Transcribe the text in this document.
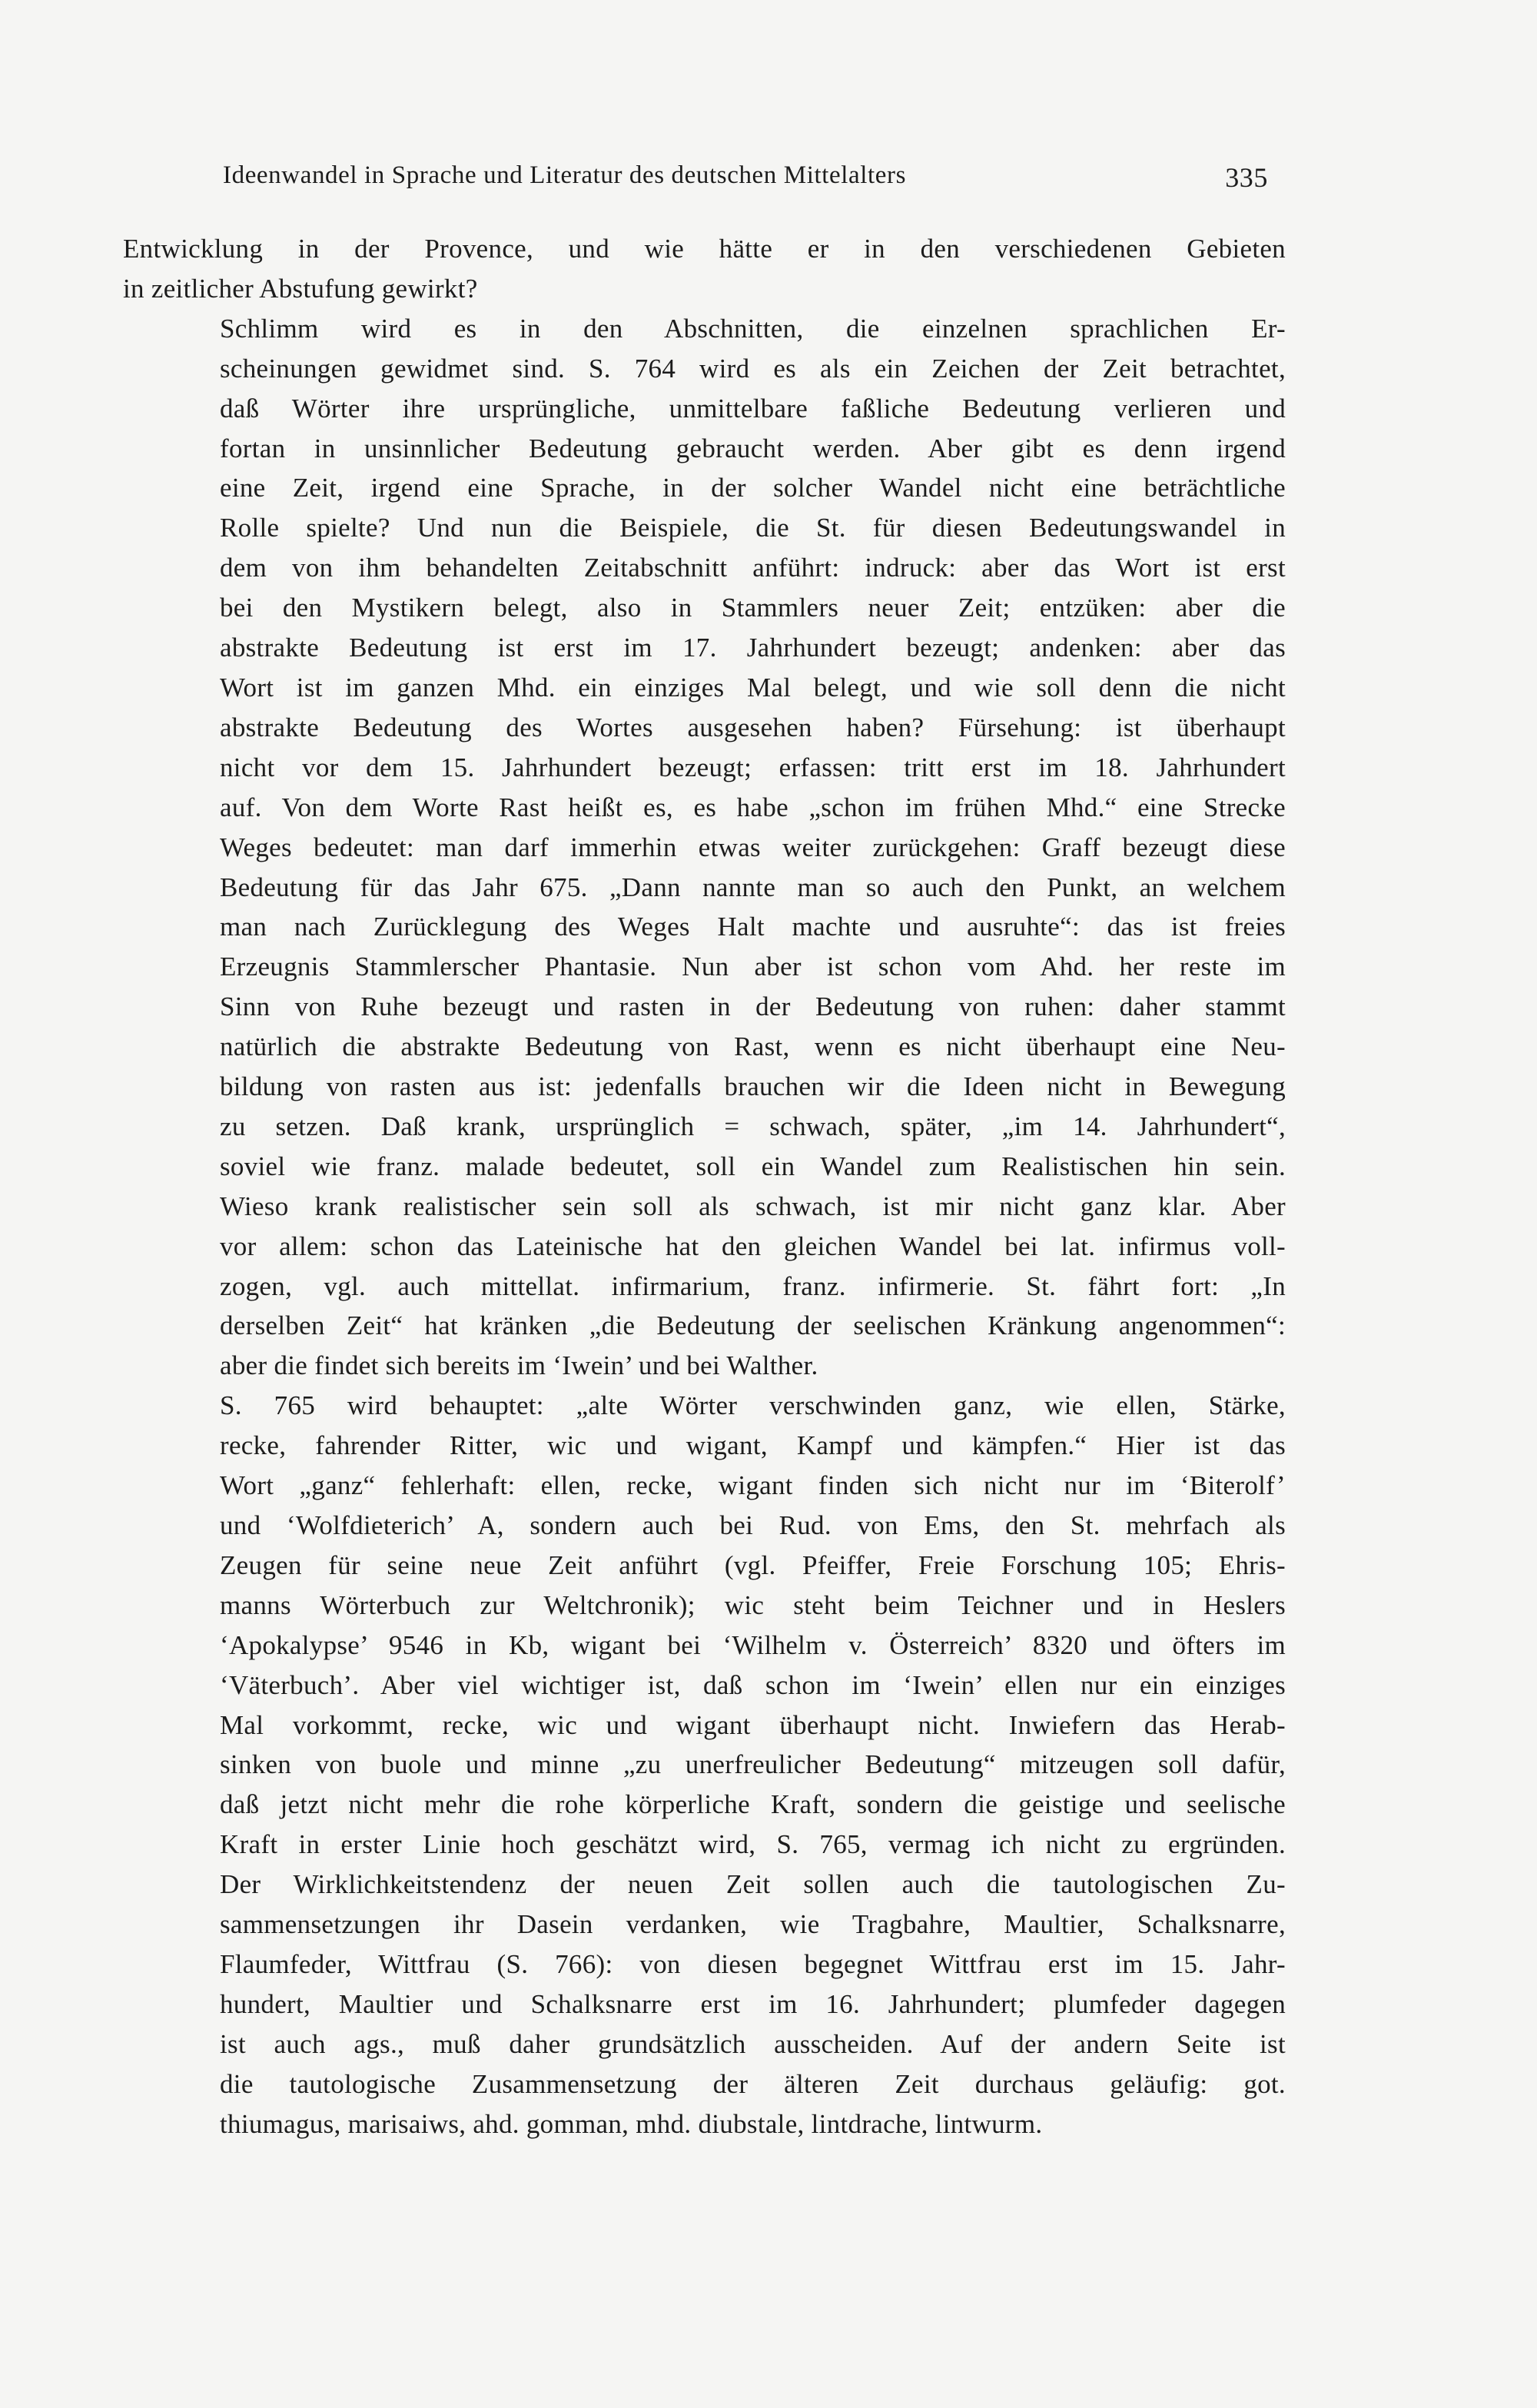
Ideenwandel in Sprache und Literatur des deutschen Mittelalters	335

Entwicklung in der Provence, und wie hätte er in den verschiedenen Gebieten
in zeitlicher Abstufung gewirkt?

Schlimm wird es in den Abschnitten, die einzelnen sprachlichen Er-
scheinungen gewidmet sind. S. 764 wird es als ein Zeichen der Zeit betrachtet,
daß Wörter ihre ursprüngliche, unmittelbare faßliche Bedeutung verlieren und
fortan in unsinnlicher Bedeutung gebraucht werden. Aber gibt es denn irgend
eine Zeit, irgend eine Sprache, in der solcher Wandel nicht eine beträchtliche
Rolle spielte? Und nun die Beispiele, die St. für diesen Bedeutungswandel in
dem von ihm behandelten Zeitabschnitt anführt: indruck: aber das Wort ist erst
bei den Mystikern belegt, also in Stammlers neuer Zeit; entzüken: aber die
abstrakte Bedeutung ist erst im 17. Jahrhundert bezeugt; andenken: aber das
Wort ist im ganzen Mhd. ein einziges Mal belegt, und wie soll denn die nicht
abstrakte Bedeutung des Wortes ausgesehen haben? Fürsehung: ist überhaupt
nicht vor dem 15. Jahrhundert bezeugt; erfassen: tritt erst im 18. Jahrhundert
auf. Von dem Worte Rast heißt es, es habe „schon im frühen Mhd.“ eine Strecke
Weges bedeutet: man darf immerhin etwas weiter zurückgehen: Graff bezeugt diese
Bedeutung für das Jahr 675. „Dann nannte man so auch den Punkt, an welchem
man nach Zurücklegung des Weges Halt machte und ausruhte“: das ist freies
Erzeugnis Stammlerscher Phantasie. Nun aber ist schon vom Ahd. her reste im
Sinn von Ruhe bezeugt und rasten in der Bedeutung von ruhen: daher stammt
natürlich die abstrakte Bedeutung von Rast, wenn es nicht überhaupt eine Neu-
bildung von rasten aus ist: jedenfalls brauchen wir die Ideen nicht in Bewegung
zu setzen. Daß krank, ursprünglich = schwach, später, „im 14. Jahrhundert“,
soviel wie franz. malade bedeutet, soll ein Wandel zum Realistischen hin sein.
Wieso krank realistischer sein soll als schwach, ist mir nicht ganz klar. Aber
vor allem: schon das Lateinische hat den gleichen Wandel bei lat. infirmus voll-
zogen, vgl. auch mittellat. infirmarium, franz. infirmerie. St. fährt fort: „In
derselben Zeit“ hat kränken „die Bedeutung der seelischen Kränkung angenommen“:
aber die findet sich bereits im ‘Iwein’ und bei Walther.

S. 765 wird behauptet: „alte Wörter verschwinden ganz, wie ellen, Stärke,
recke, fahrender Ritter, wic und wigant, Kampf und kämpfen.“ Hier ist das
Wort „ganz“ fehlerhaft: ellen, recke, wigant finden sich nicht nur im ‘Biterolf’
und ‘Wolfdieterich’ A, sondern auch bei Rud. von Ems, den St. mehrfach als
Zeugen für seine neue Zeit anführt (vgl. Pfeiffer, Freie Forschung 105; Ehris-
manns Wörterbuch zur Weltchronik); wic steht beim Teichner und in Heslers
‘Apokalypse’ 9546 in Kb, wigant bei ‘Wilhelm v. Österreich’ 8320 und öfters im
‘Väterbuch’. Aber viel wichtiger ist, daß schon im ‘Iwein’ ellen nur ein einziges
Mal vorkommt, recke, wic und wigant überhaupt nicht. Inwiefern das Herab-
sinken von buole und minne „zu unerfreulicher Bedeutung“ mitzeugen soll dafür,
daß jetzt nicht mehr die rohe körperliche Kraft, sondern die geistige und seelische
Kraft in erster Linie hoch geschätzt wird, S. 765, vermag ich nicht zu ergründen.
Der Wirklichkeitstendenz der neuen Zeit sollen auch die tautologischen Zu-
sammensetzungen ihr Dasein verdanken, wie Tragbahre, Maultier, Schalksnarre,
Flaumfeder, Wittfrau (S. 766): von diesen begegnet Wittfrau erst im 15. Jahr-
hundert, Maultier und Schalksnarre erst im 16. Jahrhundert; plumfeder dagegen
ist auch ags., muß daher grundsätzlich ausscheiden. Auf der andern Seite ist
die tautologische Zusammensetzung der älteren Zeit durchaus geläufig: got.
thiumagus, marisaiws, ahd. gomman, mhd. diubstale, lintdrache, lintwurm.
